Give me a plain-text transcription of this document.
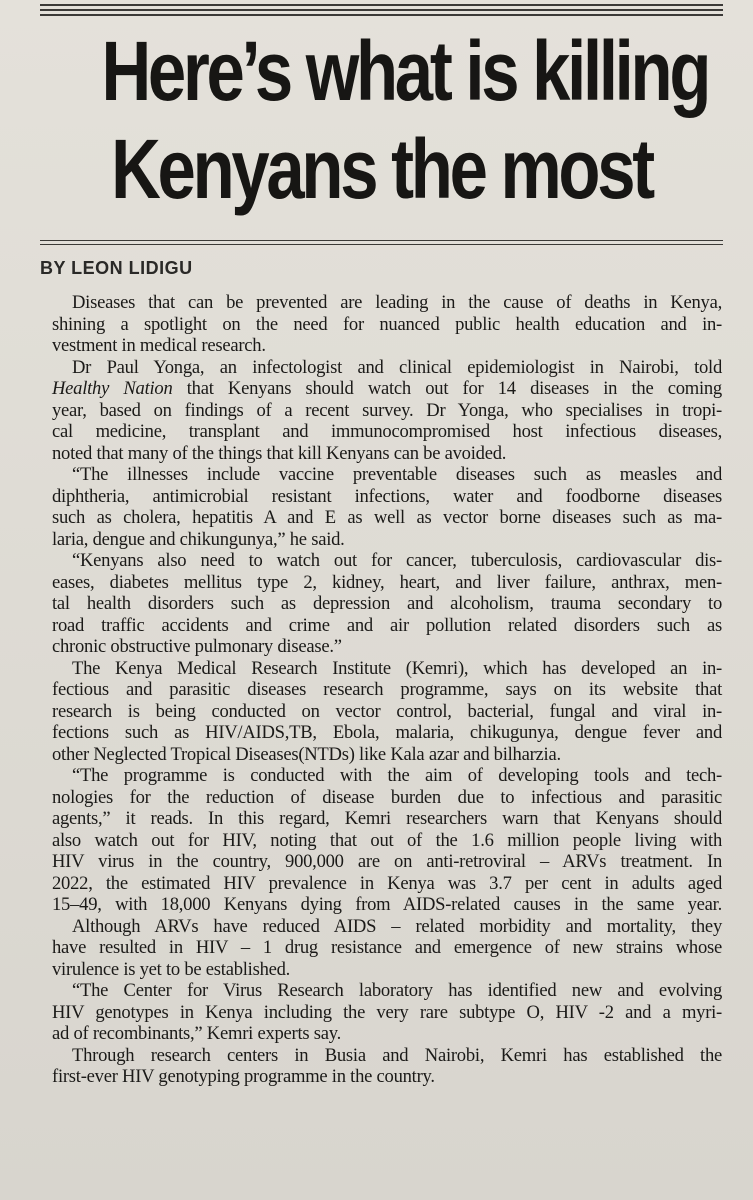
Here’s what is killing
Kenyans the most
BY LEON LIDIGU
Diseases that can be prevented are leading in the cause of deaths in Kenya,
shining a spotlight on the need for nuanced public health education and in-
vestment in medical research.
Dr Paul Yonga, an infectologist and clinical epidemiologist in Nairobi, told
Healthy Nation that Kenyans should watch out for 14 diseases in the coming
year, based on findings of a recent survey. Dr Yonga, who specialises in tropi-
cal medicine, transplant and immunocompromised host infectious diseases,
noted that many of the things that kill Kenyans can be avoided.
“The illnesses include vaccine preventable diseases such as measles and
diphtheria, antimicrobial resistant infections, water and foodborne diseases
such as cholera, hepatitis A and E as well as vector borne diseases such as ma-
laria, dengue and chikungunya,” he said.
“Kenyans also need to watch out for cancer, tuberculosis, cardiovascular dis-
eases, diabetes mellitus type 2, kidney, heart, and liver failure, anthrax, men-
tal health disorders such as depression and alcoholism, trauma secondary to
road traffic accidents and crime and air pollution related disorders such as
chronic obstructive pulmonary disease.”
The Kenya Medical Research Institute (Kemri), which has developed an in-
fectious and parasitic diseases research programme, says on its website that
research is being conducted on vector control, bacterial, fungal and viral in-
fections such as HIV/AIDS,TB, Ebola, malaria, chikugunya, dengue fever and
other Neglected Tropical Diseases(NTDs) like Kala azar and bilharzia.
“The programme is conducted with the aim of developing tools and tech-
nologies for the reduction of disease burden due to infectious and parasitic
agents,” it reads. In this regard, Kemri researchers warn that Kenyans should
also watch out for HIV, noting that out of the 1.6 million people living with
HIV virus in the country, 900,000 are on anti-retroviral – ARVs treatment. In
2022, the estimated HIV prevalence in Kenya was 3.7 per cent in adults aged
15–49, with 18,000 Kenyans dying from AIDS-related causes in the same year.
Although ARVs have reduced AIDS – related morbidity and mortality, they
have resulted in HIV – 1 drug resistance and emergence of new strains whose
virulence is yet to be established.
“The Center for Virus Research laboratory has identified new and evolving
HIV genotypes in Kenya including the very rare subtype O, HIV -2 and a myri-
ad of recombinants,” Kemri experts say.
Through research centers in Busia and Nairobi, Kemri has established the
first-ever HIV genotyping programme in the country.
